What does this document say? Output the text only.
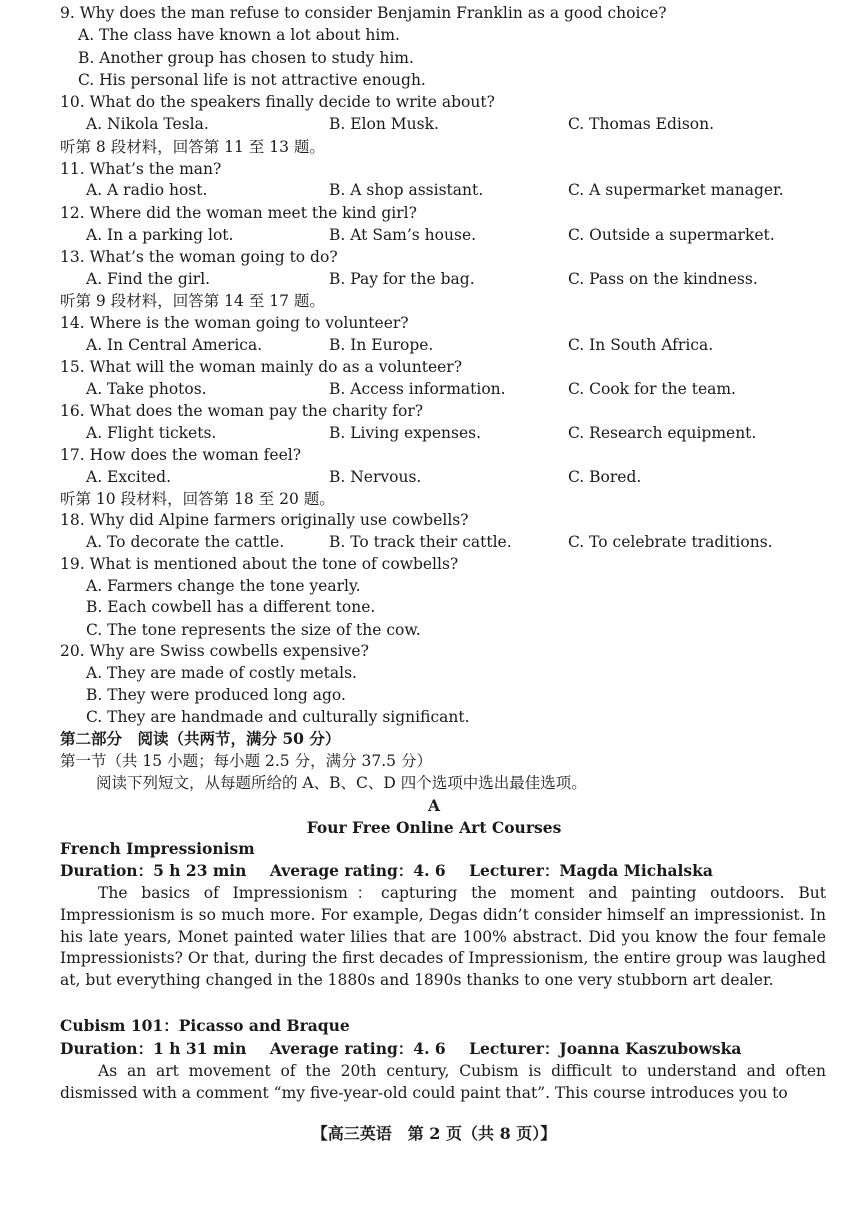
9. Why does the man refuse to consider Benjamin Franklin as a good choice?
A. The class have known a lot about him.
B. Another group has chosen to study him.
C. His personal life is not attractive enough.
10. What do the speakers finally decide to write about?
A. Nikola Tesla.	B. Elon Musk.	C. Thomas Edison.
听第 8 段材料，回答第 11 至 13 题。
11. What’s the man?
A. A radio host.	B. A shop assistant.	C. A supermarket manager.
12. Where did the woman meet the kind girl?
A. In a parking lot.	B. At Sam’s house.	C. Outside a supermarket.
13. What’s the woman going to do?
A. Find the girl.	B. Pay for the bag.	C. Pass on the kindness.
听第 9 段材料，回答第 14 至 17 题。
14. Where is the woman going to volunteer?
A. In Central America.	B. In Europe.	C. In South Africa.
15. What will the woman mainly do as a volunteer?
A. Take photos.	B. Access information.	C. Cook for the team.
16. What does the woman pay the charity for?
A. Flight tickets.	B. Living expenses.	C. Research equipment.
17. How does the woman feel?
A. Excited.	B. Nervous.	C. Bored.
听第 10 段材料，回答第 18 至 20 题。
18. Why did Alpine farmers originally use cowbells?
A. To decorate the cattle.	B. To track their cattle.	C. To celebrate traditions.
19. What is mentioned about the tone of cowbells?
A. Farmers change the tone yearly.
B. Each cowbell has a different tone.
C. The tone represents the size of the cow.
20. Why are Swiss cowbells expensive?
A. They are made of costly metals.
B. They were produced long ago.
C. They are handmade and culturally significant.
第二部分　阅读（共两节，满分 50 分）
第一节（共 15 小题；每小题 2.5 分，满分 37.5 分）
阅读下列短文，从每题所给的 A、B、C、D 四个选项中选出最佳选项。
A
Four Free Online Art Courses
French Impressionism
Duration：5 h 23 min Average rating：4. 6 Lecturer：Magda Michalska
The basics of Impressionism：capturing the moment and painting outdoors. But Impressionism is so much more. For example, Degas didn’t consider himself an impressionist. In his late years, Monet painted water lilies that are 100% abstract. Did you know the four female Impressionists? Or that, during the first decades of Impressionism, the entire group was laughed at, but everything changed in the 1880s and 1890s thanks to one very stubborn art dealer.
Cubism 101：Picasso and Braque
Duration：1 h 31 min Average rating：4. 6 Lecturer：Joanna Kaszubowska
As an art movement of the 20th century, Cubism is difficult to understand and often dismissed with a comment “my five-year-old could paint that”. This course introduces you to
【高三英语　第 2 页（共 8 页）】
